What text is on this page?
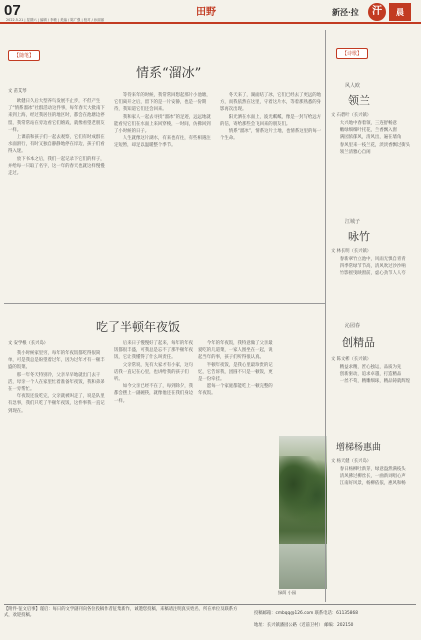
07
2022.5.21 | 星期六 | 编辑 / 李敏 | 美编 / 陈广强 | 校对 / 孙丽丽
田野	新泾·拉	汗	晨
【随笔】	【诗歌】
情系“溜冰”
文 苗艾琴

欧健日久后大型养鸟发展不止步，不但产生了“情系溜冰”社群活动这件事，每年春天大批南下来到上海，经过我居住的地区时，都会在池塘边停留，我常常站在旁边看它们嬉戏，就像看望老朋友一样。

上课前和孩子们一起去观察，它们有时成群在水面滑行，有时又独自静静地停在岸边，孩子们看得入迷。

放下书本之后，我们一起记录下它们的样子，并给每一只取了名字，这一年的春天也就这样慢慢走过。

等待来年的时候，我常常回想起那片小池塘，它们离开之后，留下的是一片安静，也是一份期待，我知道它们还会回来。

我和家人一起去寻找“溜冰”的足迹，远远地就能看见它们在水面上来回穿梭，一时间，仿佛回到了小时候的日子。

人生就像这片湖水，有来也有往，有些相遇注定短暂，却足以温暖整个季节。

冬天来了，湖面结了冰，它们已经去了更远的地方，而我依然在这里，守着这片水，等着那熟悉的身影再次出现。

阳光洒在水面上，波光粼粼，像是一封写给远方的信，寄给那些会飞回来的朋友们。

情系“溜冰”，情系这片土地，也情系这里的每一个生命。

吃了半顿年夜饭
文 安学根（长兴岛）

我小时候家里穷，每年的年夜饭都吃得很简单，可是我总是盼望着过年，因为过年才有一顿丰盛的饭菜。

那一年冬天特别冷，父亲早早地就出门去干活，母亲一个人在家里忙着准备年夜饭，我和弟弟在一旁帮忙。

年夜饭还没吃完，父亲就被叫走了，说是队里有急事，我们只吃了半顿年夜饭，这件事我一直记到现在。

后来日子慢慢好了起来，每年的年夜饭都很丰盛，可我总是忘不了那半顿年夜饭，它让我懂得了什么叫责任。

父亲常说，先有大家才有小家，这句话我一直记在心里，也讲给我的孩子们听。

如今父亲已经不在了，每到除夕，我都会摆上一副碗筷，就像他还在我们身边一样。

今年的年夜饭，我特意做了父亲最爱吃的几道菜，一家人围坐在一起，说起当年的事，孩子们听得很认真。

半顿年夜饭，是我心里最珍贵的记忆，它告诉我，团圆不只是一顿饭，更是一份牵挂。

愿每一个家庭都能吃上一顿完整的年夜饭。

绿荫 小园
风人欧
领兰
文 石碧叶（长兴镇）

大兴地中春着领，三连舒畅意

嫩绿细细叶托花，兰香飘入窗

满园浓郁风，清风出，遍在墙角

春风里来一枝兰花，淡淡香飘过街头

领兰清雅心自闲

江城子
咏竹
文 林长明（长兴镇）

春新翠竹立池中，风雨无惧自青青

四季常绿节节高，清风吹过沙沙响

竹影摇曳映窗前，虚心劲节人人夸

沁园春
创精品
文 陈文彬（长兴镇）

精益求精，匠心独运，品质为先

创新驱动，追求卓越，打造精品

一丝不苟，精雕细琢，精品铸就辉煌

增梯杨惠曲
文 杨天健（长兴岛）

春日杨柳吐新芽，绿意盎然满枝头

清风拂过柳丝长，一曲新词唱心声

江南好风景，杨柳依依，惠风和畅

【附件·征文启事】谨启：每日的文学副刊向各位投稿作者征集新作，诚邀您投稿，来稿请注明真实姓名、所在单位及联系方式，欢迎投稿。	投稿邮箱：cmbqq@126.com 联系电话：61135868

地址：长兴镇潘园公路（近前卫村） 邮编：202150
